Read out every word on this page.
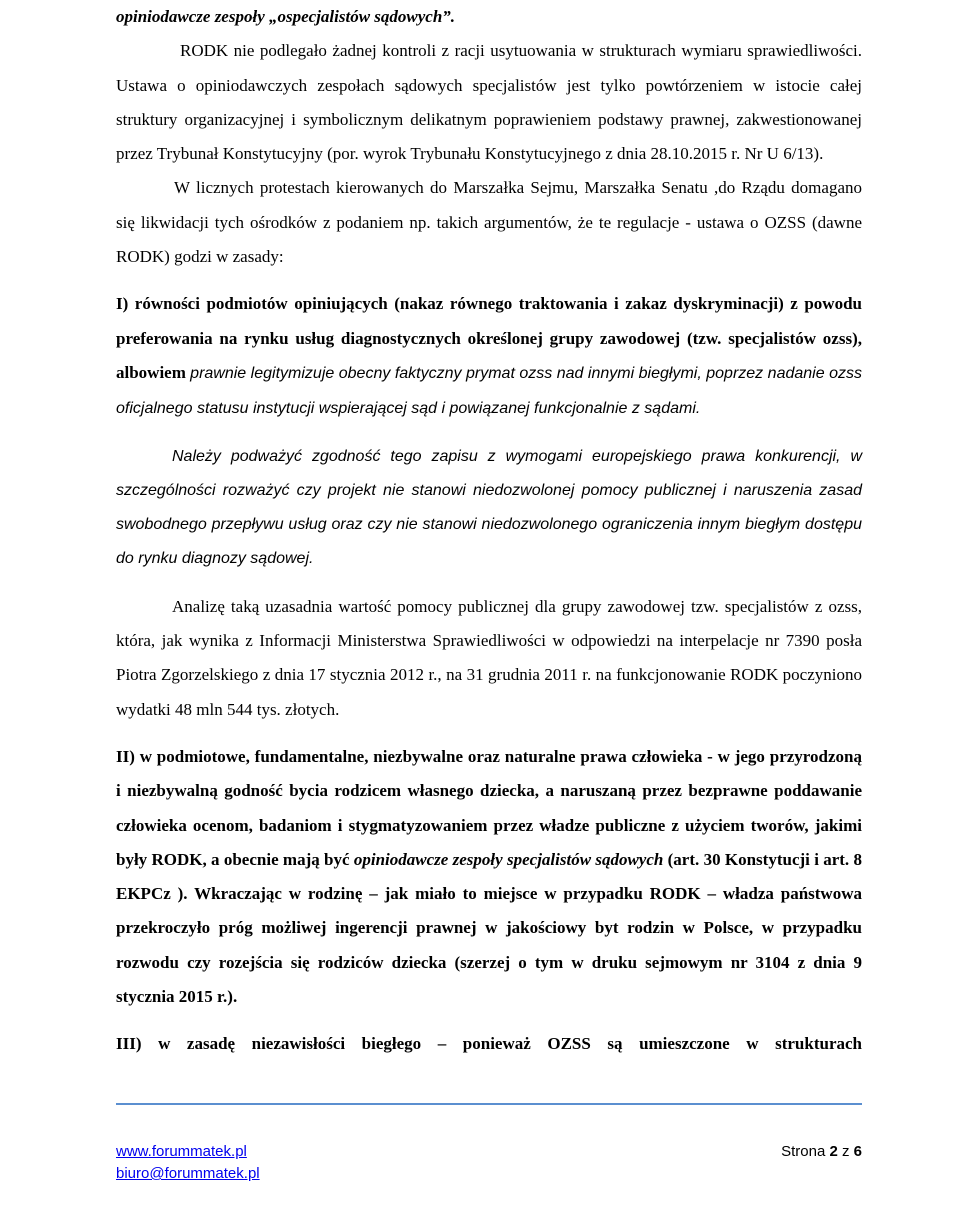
opiniodawcze zespoły „ospecjalistów sądowych”.

RODK nie podlegało żadnej kontroli z racji usytuowania w strukturach wymiaru sprawiedliwości. Ustawa o opiniodawczych zespołach sądowych specjalistów jest tylko powtórzeniem w istocie całej struktury organizacyjnej i symbolicznym delikatnym poprawieniem podstawy prawnej, zakwestionowanej przez Trybunał Konstytucyjny (por. wyrok Trybunału Konstytucyjnego z dnia 28.10.2015 r. Nr U 6/13).

W licznych protestach kierowanych do Marszałka Sejmu, Marszałka Senatu ,do Rządu domagano się likwidacji tych ośrodków z podaniem np. takich argumentów, że te regulacje - ustawa o OZSS (dawne RODK) godzi w zasady:

I) równości podmiotów opiniujących (nakaz równego traktowania i zakaz dyskryminacji) z powodu preferowania na rynku usług diagnostycznych określonej grupy zawodowej (tzw. specjalistów ozss), albowiem prawnie legitymizuje obecny faktyczny prymat ozss nad innymi biegłymi, poprzez nadanie ozss oficjalnego statusu instytucji wspierającej sąd i powiązanej funkcjonalnie z sądami.

Należy podważyć zgodność tego zapisu z wymogami europejskiego prawa konkurencji, w szczególności rozważyć czy projekt nie stanowi niedozwolonej pomocy publicznej i naruszenia zasad swobodnego przepływu usług oraz czy nie stanowi niedozwolonego ograniczenia innym biegłym dostępu do rynku diagnozy sądowej.

Analizę taką uzasadnia wartość pomocy publicznej dla grupy zawodowej tzw. specjalistów z ozss, która, jak wynika z Informacji Ministerstwa Sprawiedliwości w odpowiedzi na interpelacje nr 7390 posła Piotra Zgorzelskiego z dnia 17 stycznia 2012 r., na 31 grudnia 2011 r. na funkcjonowanie RODK poczyniono wydatki 48 mln 544 tys. złotych.

II) w podmiotowe, fundamentalne, niezbywalne oraz naturalne prawa człowieka - w jego przyrodzoną i niezbywalną godność bycia rodzicem własnego dziecka, a naruszaną przez bezprawne poddawanie człowieka ocenom, badaniom i stygmatyzowaniem przez władze publiczne z użyciem tworów, jakimi były RODK, a obecnie mają być opiniodawcze zespoły specjalistów sądowych (art. 30 Konstytucji i art. 8 EKPCz ). Wkraczając w rodzinę – jak miało to miejsce w przypadku RODK – władza państwowa przekroczyło próg możliwej ingerencji prawnej w jakościowy byt rodzin w Polsce, w przypadku rozwodu czy rozejścia się rodziców dziecka (szerzej o tym w druku sejmowym nr 3104 z dnia 9 stycznia 2015 r.).

III) w zasadę niezawisłości biegłego – ponieważ OZSS są umieszczone w strukturach

www.forummatek.pl
biuro@forummatek.pl
Strona 2 z 6
